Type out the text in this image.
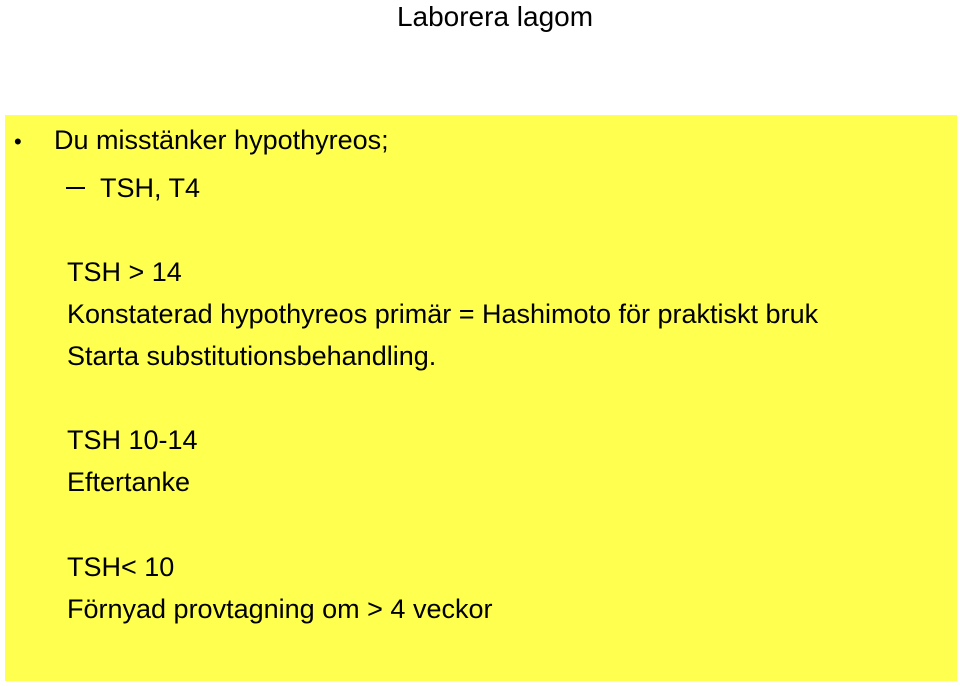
Laborera lagom
• Du misstänker hypothyreos;
TSH, T4
TSH > 14
Konstaterad hypothyreos primär = Hashimoto för praktiskt bruk
Starta substitutionsbehandling.
TSH 10-14
Eftertanke
TSH< 10
Förnyad provtagning om > 4 veckor
